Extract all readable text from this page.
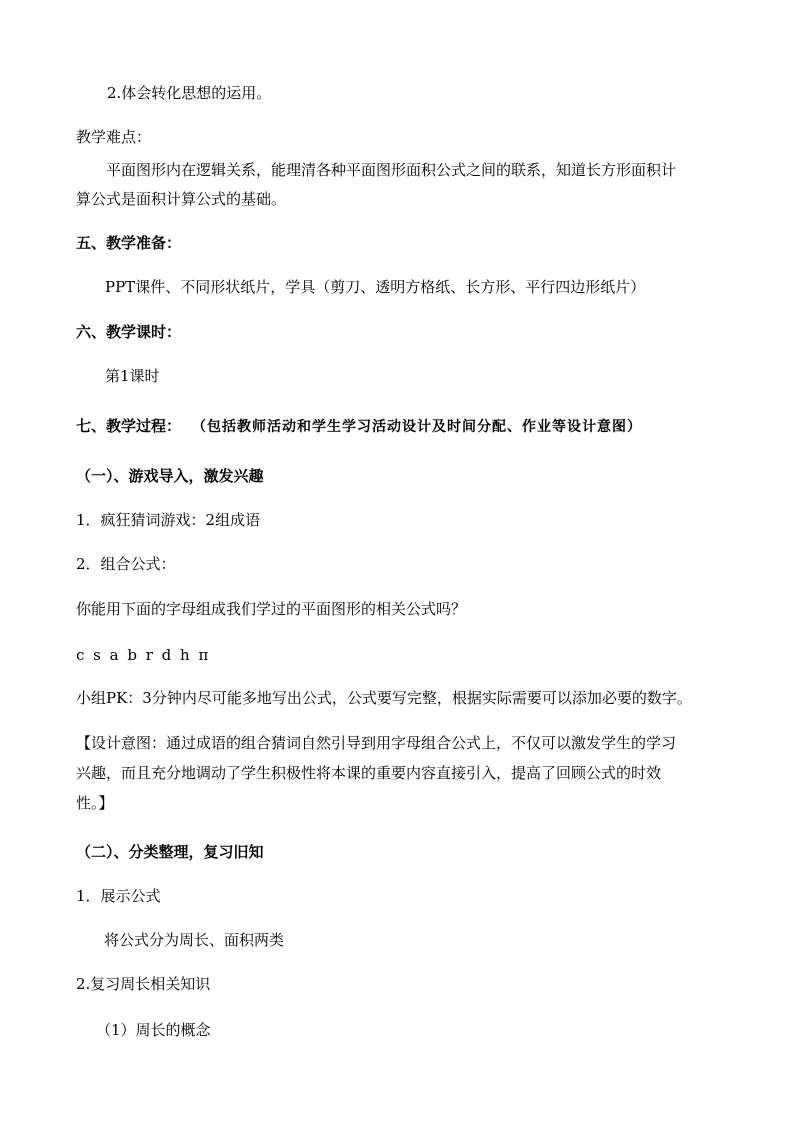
2.体会转化思想的运用。
教学难点：
平面图形内在逻辑关系，能理清各种平面图形面积公式之间的联系，知道长方形面积计
算公式是面积计算公式的基础。
五、教学准备：
PPT课件、不同形状纸片，学具（剪刀、透明方格纸、长方形、平行四边形纸片）
六、教学课时：
第1课时
七、教学过程： （包括教师活动和学生学习活动设计及时间分配、作业等设计意图）
（一）、游戏导入，激发兴趣
1．疯狂猜词游戏：2组成语
2．组合公式：
你能用下面的字母组成我们学过的平面图形的相关公式吗？
c s a b r d h π
小组PK：3分钟内尽可能多地写出公式，公式要写完整，根据实际需要可以添加必要的数字。
【设计意图：通过成语的组合猜词自然引导到用字母组合公式上，不仅可以激发学生的学习
兴趣，而且充分地调动了学生积极性将本课的重要内容直接引入，提高了回顾公式的时效
性。】
（二）、分类整理，复习旧知
1．展示公式
将公式分为周长、面积两类
2.复习周长相关知识
（1）周长的概念
